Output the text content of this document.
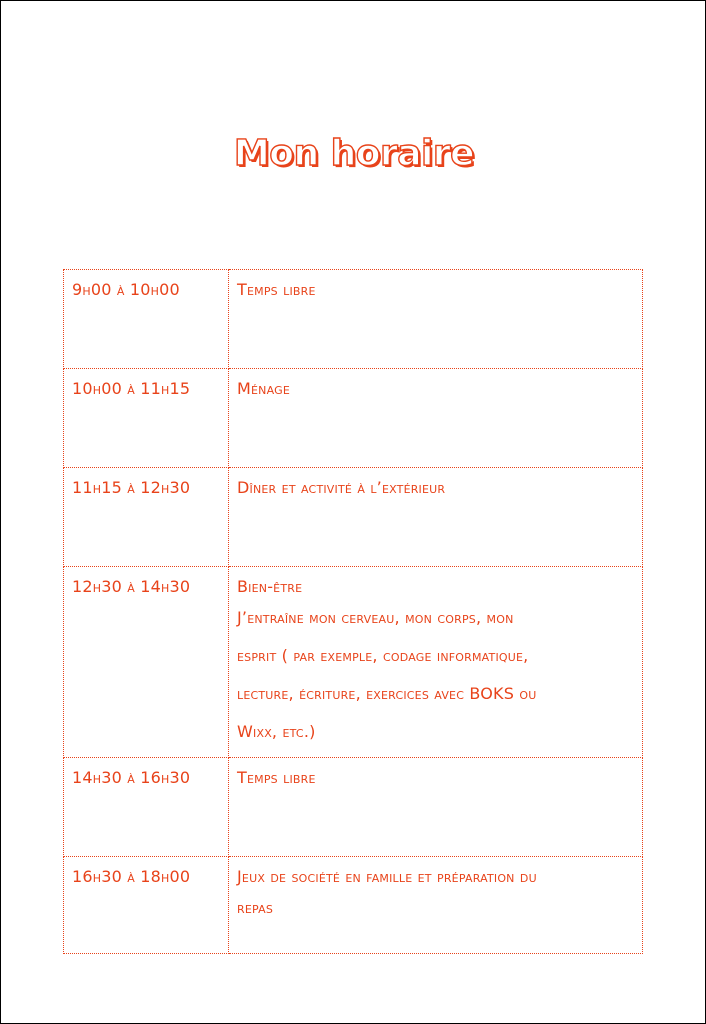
Mon horaire
9h00 à 10h00	Temps libre

10h00 à 11h15	Ménage

11h15 à 12h30	Dîner et activité à l’extérieur

12h30 à 14h30	Bien-être
J’entraîne mon cerveau, mon corps, mon
esprit ( par exemple, codage informatique,
lecture, écriture, exercices avec BOKS ou
Wixx, etc.)

14h30 à 16h30	Temps libre

16h30 à 18h00	Jeux de société en famille et préparation du
repas
